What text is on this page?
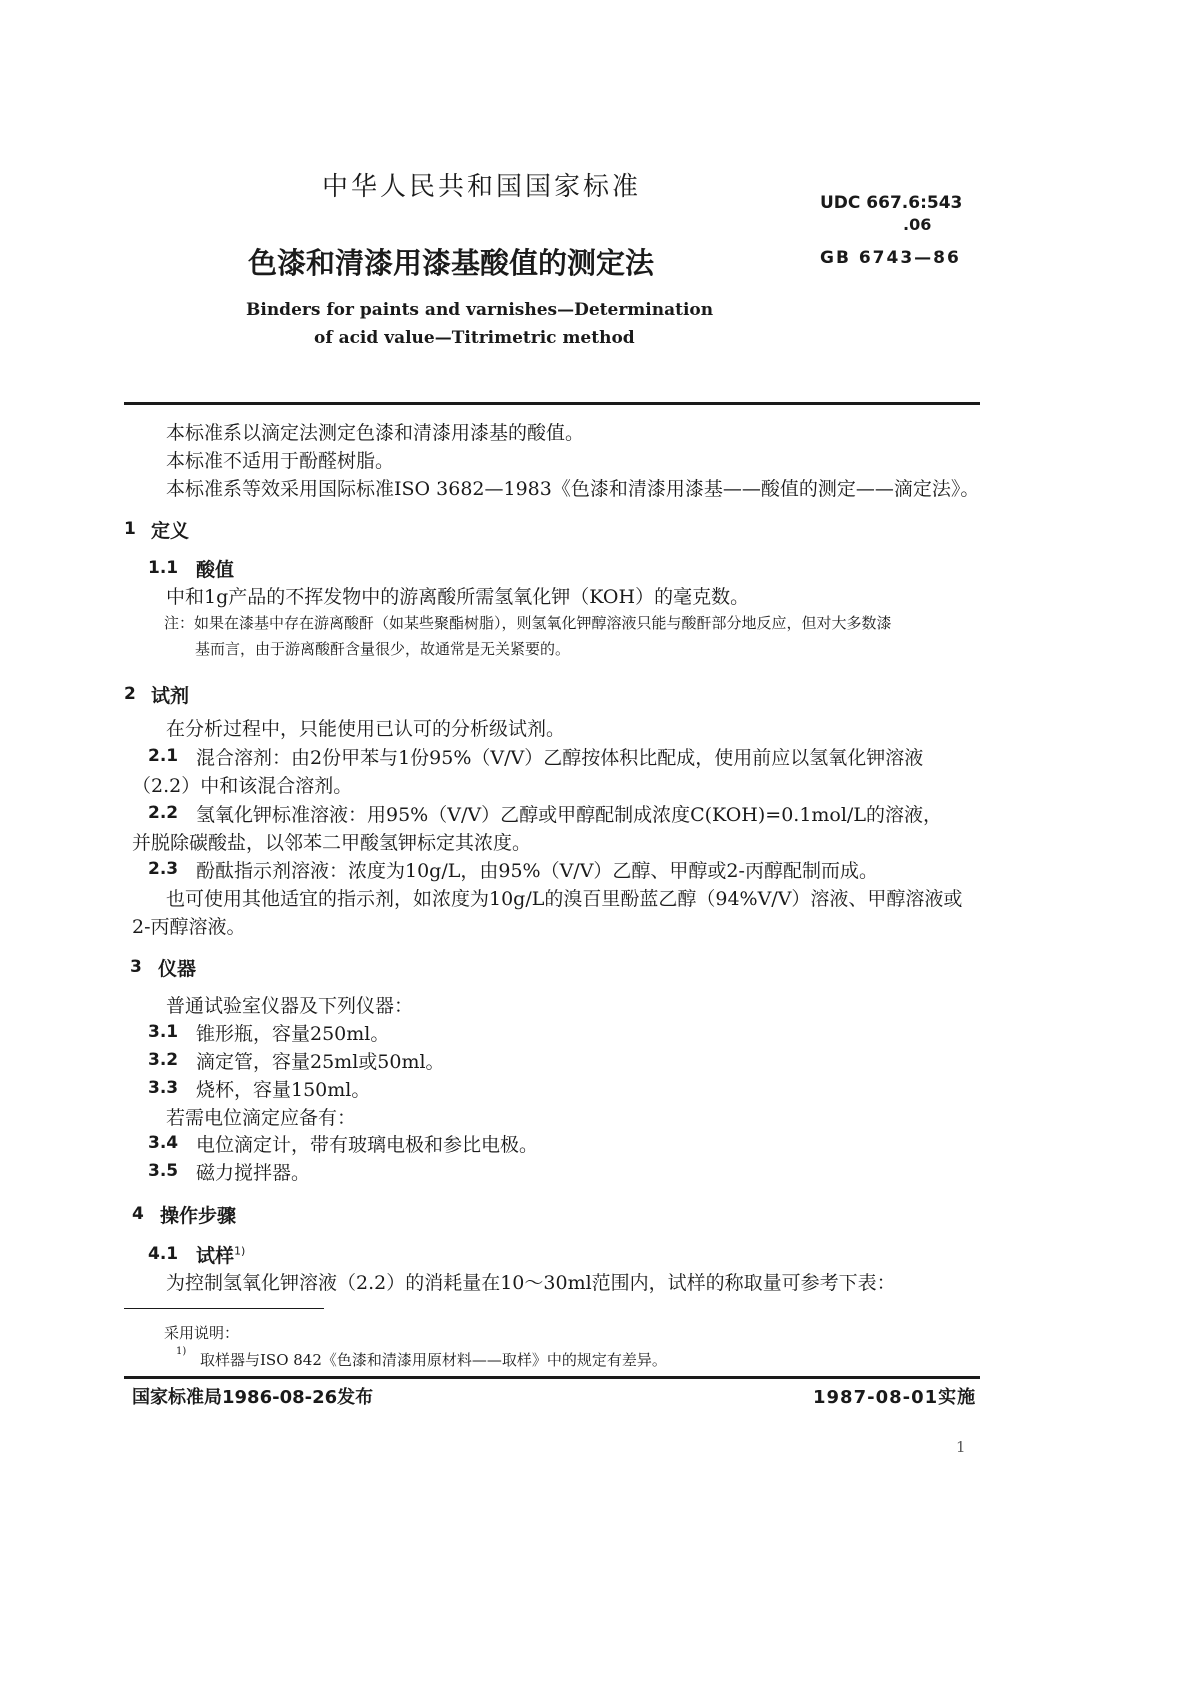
中华人民共和国国家标准
UDC 667.6:543
.06
色漆和清漆用漆基酸值的测定法	GB 6743—86
Binders for paints and varnishes—Determination
of acid value—Titrimetric method
本标准系以滴定法测定色漆和清漆用漆基的酸值。
本标准不适用于酚醛树脂。
本标准系等效采用国际标准ISO 3682—1983《色漆和清漆用漆基——酸值的测定——滴定法》。
1 定义
1.1 酸值
中和1g产品的不挥发物中的游离酸所需氢氧化钾（KOH）的毫克数。
注：如果在漆基中存在游离酸酐（如某些聚酯树脂），则氢氧化钾醇溶液只能与酸酐部分地反应，但对大多数漆
基而言，由于游离酸酐含量很少，故通常是无关紧要的。
2 试剂
在分析过程中，只能使用已认可的分析级试剂。
2.1 混合溶剂：由2份甲苯与1份95%（V/V）乙醇按体积比配成，使用前应以氢氧化钾溶液
（2.2）中和该混合溶剂。
2.2 氢氧化钾标准溶液：用95%（V/V）乙醇或甲醇配制成浓度C(KOH)=0.1mol/L的溶液，
并脱除碳酸盐，以邻苯二甲酸氢钾标定其浓度。
2.3 酚酞指示剂溶液：浓度为10g/L，由95%（V/V）乙醇、甲醇或2-丙醇配制而成。
也可使用其他适宜的指示剂，如浓度为10g/L的溴百里酚蓝乙醇（94%V/V）溶液、甲醇溶液或
2-丙醇溶液。
3 仪器
普通试验室仪器及下列仪器：
3.1 锥形瓶，容量250ml。
3.2 滴定管，容量25ml或50ml。
3.3 烧杯，容量150ml。
若需电位滴定应备有：
3.4 电位滴定计，带有玻璃电极和参比电极。
3.5 磁力搅拌器。
4 操作步骤
4.1 试样$^{1)}$
为控制氢氧化钾溶液（2.2）的消耗量在10～30ml范围内，试样的称取量可参考下表：
采用说明：
1) 取样器与ISO 842《色漆和清漆用原材料——取样》中的规定有差异。
国家标准局1986-08-26发布	1987-08-01实施
1
